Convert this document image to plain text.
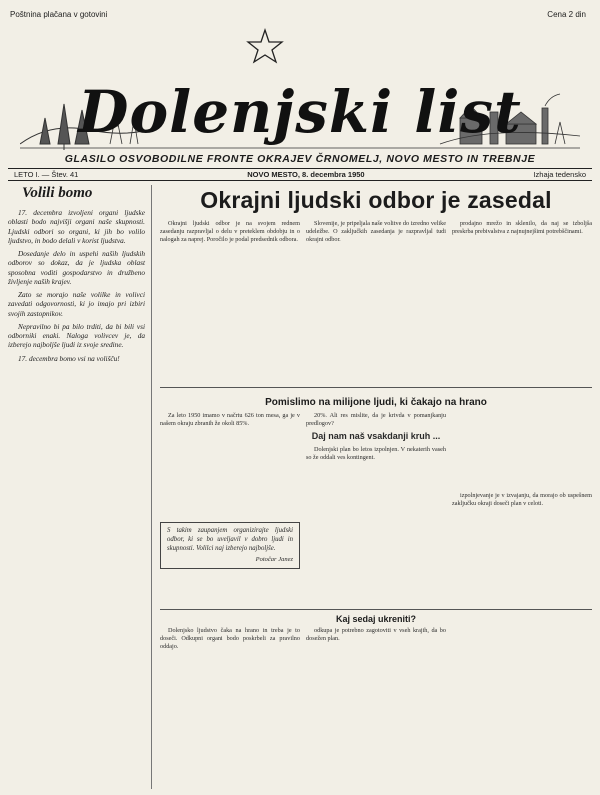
Poštnina plačana v gotovini	Cena 2 din
Dolenjski list
GLASILO OSVOBODILNE FRONTE OKRAJEV ČRNOMELJ, NOVO MESTO IN TREBNJE
LETO I. — Štev. 41	NOVO MESTO, 8. decembra 1950	Izhaja tedensko
Volili bomo

17. decembra izvoljeni organi ljudske oblasti bodo najvišji organi naše skupnosti. Ljudski odbori so organi, ki jih bo volilo ljudstvo, in bodo delali v korist ljudstva.

Dosedanje delo in uspehi naših ljudskih odborov so dokaz, da je ljudska oblast sposobna voditi gospodarstvo in družbeno življenje naših krajev.

Zato se morajo naše volilke in volivci zavedati odgovornosti, ki jo imajo pri izbiri svojih zastopnikov.

Nepravilno bi pa bilo trditi, da bi bili vsi odborniki enaki. Naloga volivcev je, da izberejo najboljše ljudi iz svoje sredine.

17. decembra bomo vsi na volišču!

Okrajni ljudski odbor je zasedal

Okrajni ljudski odbor je na svojem rednem zasedanju razpravljal o delu v preteklem obdobju in o nalogah za naprej. Poročilo je podal predsednik odbora.

Slovenije, je pripeljala naše volitve do izredno velike udeležbe. O zaključkih zasedanja je razpravljal tudi okrajni odbor.

prodajno mrežo in sklenilo, da naj se izboljša preskrba prebivalstva z najnujnejšimi potrebščinami.

Pomislimo na milijone ljudi, ki čakajo na hrano

Za leto 1950 imamo v načrtu 626 ton mesa, ga je v našem okraju zbranih že okoli 85%.

S takim zaupanjem organizirajte ljudski odbor, ki se bo uveljavil v dobro ljudi in skupnosti. Volilci naj izberejo najboljše.
Potočar Janez

20%. Ali res mislite, da je krivda v pomanjkanju predlogov?

Daj nam naš vsakdanji kruh ...

Dolenjski plan bo letos izpolnjen. V nekaterih vaseh so že oddali ves kontingent.

izpolnjevanje je v izvajanju, da morajo ob uspešnem zaključku okraji doseči plan v celoti.

Kaj sedaj ukreniti?

Dolenjsko ljudstvo čaka na hrano in treba je to doseči. Odkupni organi bodo poskrbeli za pravilno oddajo.

odkupa je potrebno zagotoviti v vseh krajih, da bo dosežen plan.
